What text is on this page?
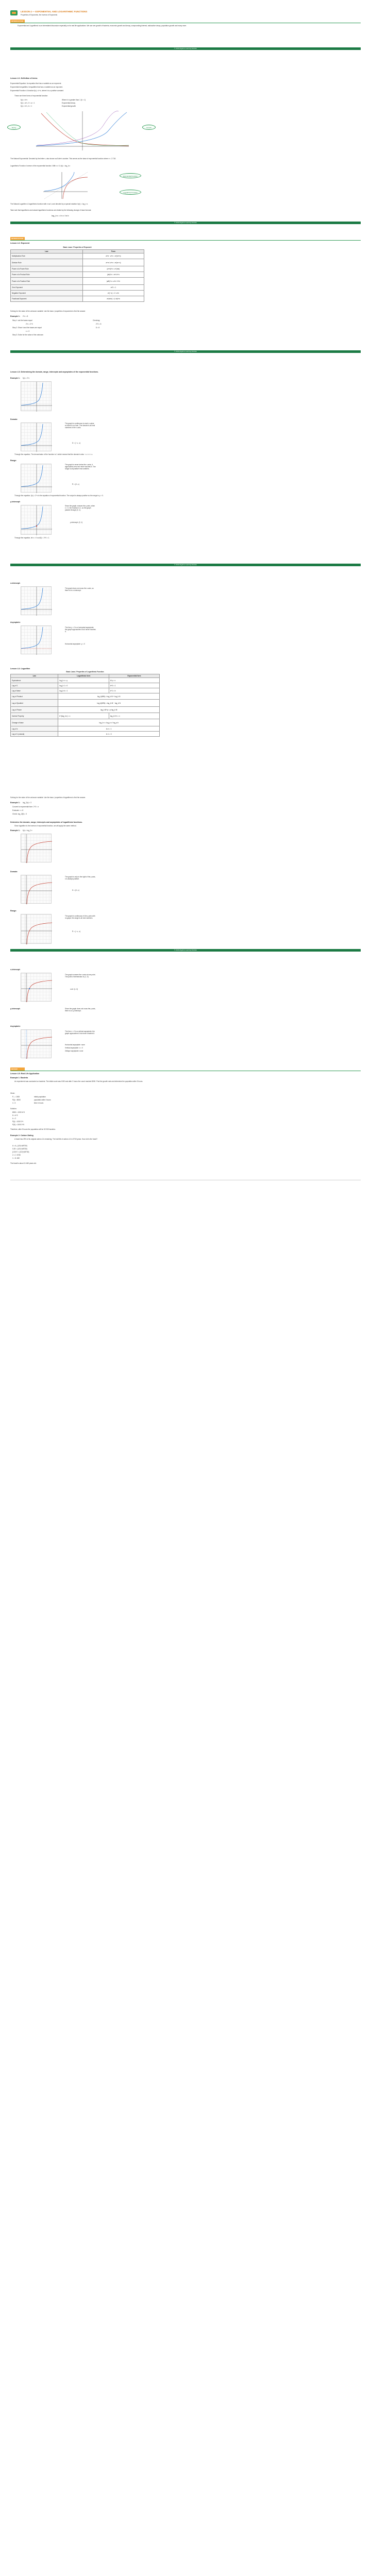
LESSON 4 — EXPONENTIAL AND LOGARITHMIC FUNCTIONS
Properties of Exponents, the Inverse of Exponents
INTRODUCTION
Exponential and Logarithmic is an interrelated discussion especially on its real life applications. We can see growth of bacteria, economic growth and decay, compounding interest, radioactive decay, population growth and many more.
© 2019 Algebra Learning Module
Lesson 4.1: Definition of terms
Exponential Equation: An equation that has a variable as an exponent.
Exponential Inequalities: Inequalities that has a variable as an exponent.
Exponential Function: A function f(x) = b^x, where b is a positive constant.
These are three forms of exponential function:
f(x) = b^x	Where b is greater than 1 (b > 1)
f(x) = a^x, 0 < a < 1	Exponential decay
f(x) = b^x, b > 1	Exponential growth
Decay	Growth
The Natural Exponential: Denoted by the letter e, also known as Euler's number. This serves as the base of exponential function where e ≈ 2.718.
Logarithmic Function: Inverse of the exponential function. With x ≠ 0, f(x) = log_b x
Exponential Function
Logarithmic Function
The Natural Logarithm: A logarithmic function with e as b, and denoted by a special notation ln(x) = log_e x.
Take note that logarithmic and natural logarithmic functions are related by the following change of base formula:
log_b x = ln x / ln b
© 2019 Algebra Learning Module
INTRODUCTION
Lesson 4.2: Exponent
Basic Laws / Properties of Exponent
Law	Form
Multiplication Rule	a^m · a^n = a^(m+n)
Division Rule	a^m / a^n = a^(m−n)
Power of a Power Rule	(a^m)^n = a^(mn)
Power of a Product Rule	(ab)^n = a^n b^n
Power of a Fraction Rule	(a/b)^n = a^n / b^n
Zero Exponent	a^0 = 1
Negative Exponent	a^(−n) = 1 / a^n
Fractional Exponent	a^(m/n) = (ⁿ√a)^m
Solving for the value of the unknown variable: Use the laws / properties of exponents to find the answer.
Example 1: 2^x = 8
Step 1: set the bases equal
2^x = 2^3
Step 2: Since b and the bases are equal
x = 3
Step 3: Solve for the value of the unknown
Checking:
2^3 = 8
8 = 8
© 2019 Algebra Learning Module
Lesson 4.3: Determining the domain, range, intercepts and asymptotes of the exponential functions.
Example 1: f(x) = 2^x
Domain:
The graph is continuous to each x-value so there is no hole. The domain is all real numbers in the x-axis.
D = (−∞, ∞)
Through the equation, The denominator of the function is 1 which means that the domain is also −∞ < x < ∞.
Range:
The graph is never below the x-axis; it approaches zero but never touches it. The range is all positive real numbers.
R = (0, ∞)
Through the equation, f(x) = 2^x is the equation of exponential function. The output is always positive so the range is y > 0.
y-intercept:
Since the graph crosses the y-axis, when x = 0, the function is 1, so the graph passes through (0, 1).
y-intercept: (0, 1)
Through the equation, let x = 0 so f(0) = 2^0 = 1.
© 2019 Algebra Learning Module
x-intercept:
The graph does not cross the x-axis, so there is no x-intercept.
Asymptote:
The line y = 0 is a horizontal asymptote: the graph approaches it but never reaches it.
Horizontal asymptote: y = 0
Lesson 4.4: Logarithm
Basic Laws / Properties of Logarithmic Function
Law	Logarithmic form	Exponential form
Equivalence	log_b x = y	b^y = x
Log of 1	log_b 1 = 0	b^0 = 1
Log of base	log_b b = 1	b^1 = b
Log of Product	log_b(MN) = log_b M + log_b N	
Log of Quotient	log_b(M/N) = log_b M − log_b N	
Log of Power	log_b M^p = p·log_b M	
Inverse Property	b^(log_b x) = x	log_b b^x = x
Change of base	log_b x = log_a x / log_a b	
Log of e	ln e = 1	
Log of 1 (natural)	ln 1 = 0	
Solving for the value of the unknown variable: Use the laws / properties of logarithms to find the answer.
Example 1: log_2(x) = 3
Convert to exponential form: 2^3 = x
Evaluate: x = 8
Check: log_2(8) = 3
Determine the domain, range, intercepts and asymptotes of logarithmic functions.
Since logarithm is the inverse of exponential function, we will apply the same method.
Example 1: f(x) = log_2 x
Domain:
The graph is only to the right of the y-axis, x is always positive.
D = (0, ∞)
Range:
The graph is continuous in the y-axis with no gaps; the range is all real numbers.
R = (−∞, ∞)
© 2019 Algebra Learning Module
x-intercept:
The graph crosses the x-axis at one point. The point of intersection is (1, 0).
x-int: (1, 0)
y-intercept:	Since the graph does not cross the y-axis, there is no y-intercept.
Asymptote:
The line x = 0 is a vertical asymptote; the graph approaches it but never reaches it.
Horizontal asymptote: none
Vertical asymptote: x = 0
Oblique asymptote: none
REVIEW
Lesson 4.5: Real Life Application
Example 1: Bacteria
An experiment was conducted on bacteria. The initial count was 1000 and after 3 hours the count reached 8000. Find the growth rate and determine the population after 5 hours.
Given:
P₀ = 1000	initial population
P(t) = 8000	population after t hours
t = 3	time in hours
Solution:
8000 = 1000·b^3
8 = b^3
b = 2
P(t) = 1000·2^t
P(5) = 1000·2^5
Therefore, after 5 hours the population will be 32 000 bacteria.
Example 2: Carbon Dating
A fossil has 25% of its original carbon-14 remaining. The half-life of carbon-14 is 5730 years. How old is the fossil?
A = A₀ (1/2)^(t/5730)
0.25 = (1/2)^(t/5730)
(1/2)^2 = (1/2)^(t/5730)
2 = t / 5730
t = 11 460
The fossil is about 11 460 years old.
